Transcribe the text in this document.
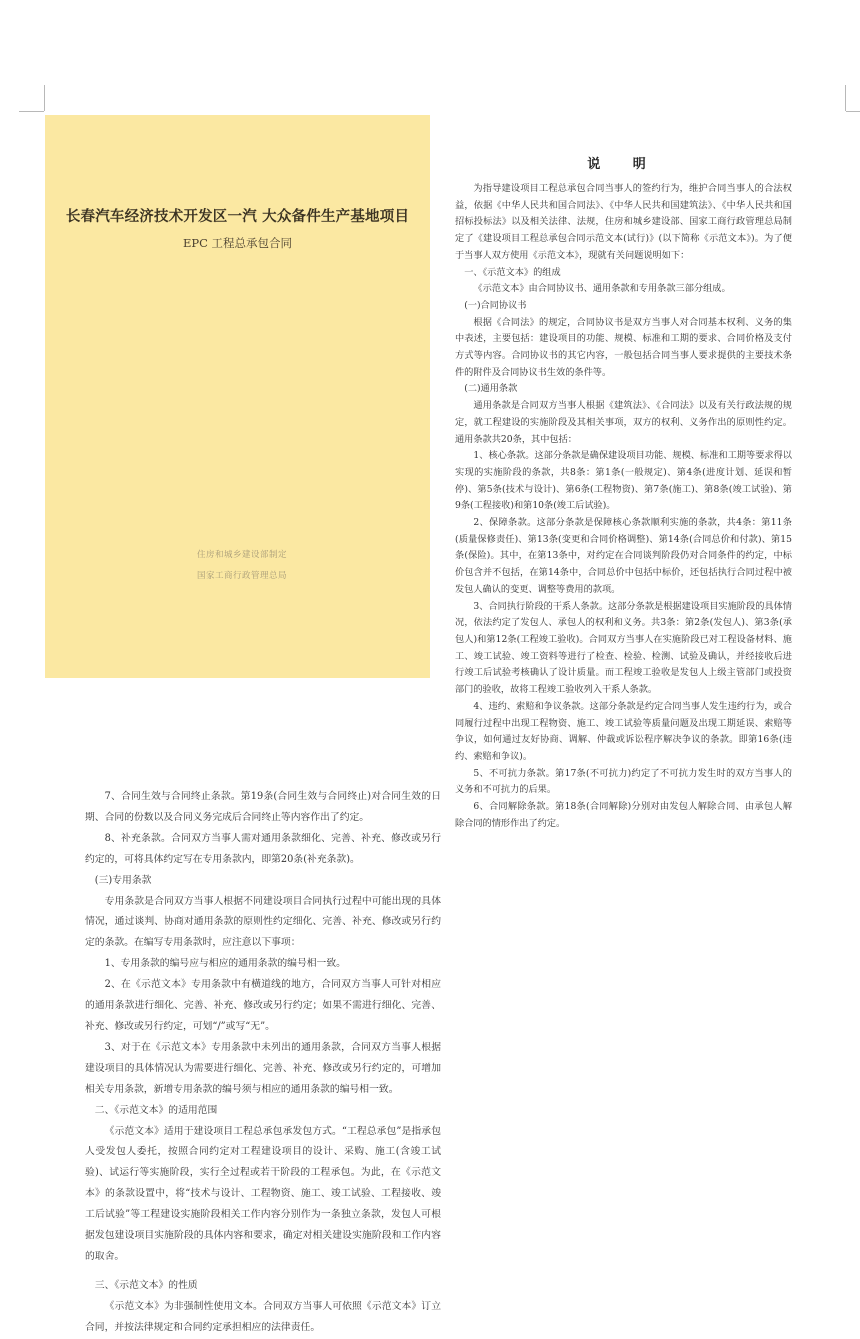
长春汽车经济技术开发区一汽 大众备件生产基地项目
EPC 工程总承包合同
住房和城乡建设部制定
国家工商行政管理总局
说 明
为指导建设项目工程总承包合同当事人的签约行为，维护合同当事人的合法权益，依据《中华人民共和国合同法》、《中华人民共和国建筑法》、《中华人民共和国招标投标法》以及相关法律、法规，住房和城乡建设部、国家工商行政管理总局制定了《建设项目工程总承包合同示范文本(试行)》(以下简称《示范文本》)。为了便于当事人双方使用《示范文本》，现就有关问题说明如下：
一、《示范文本》的组成
《示范文本》由合同协议书、通用条款和专用条款三部分组成。
(一)合同协议书
根据《合同法》的规定，合同协议书是双方当事人对合同基本权利、义务的集中表述，主要包括：建设项目的功能、规模、标准和工期的要求、合同价格及支付方式等内容。合同协议书的其它内容，一般包括合同当事人要求提供的主要技术条件的附件及合同协议书生效的条件等。
(二)通用条款
通用条款是合同双方当事人根据《建筑法》、《合同法》以及有关行政法规的规定，就工程建设的实施阶段及其相关事项，双方的权利、义务作出的原则性约定。通用条款共20条，其中包括：
1、核心条款。这部分条款是确保建设项目功能、规模、标准和工期等要求得以实现的实施阶段的条款，共8条：第1条(一般规定)、第4条(进度计划、延误和暂停)、第5条(技术与设计)、第6条(工程物资)、第7条(施工)、第8条(竣工试验)、第9条(工程接收)和第10条(竣工后试验)。
2、保障条款。这部分条款是保障核心条款顺利实施的条款，共4条：第11条(质量保修责任)、第13条(变更和合同价格调整)、第14条(合同总价和付款)、第15条(保险)。其中，在第13条中，对约定在合同谈判阶段仍对合同条件的约定，中标价包含并不包括，在第14条中，合同总价中包括中标价，还包括执行合同过程中被发包人确认的变更、调整等费用的款项。
3、合同执行阶段的干系人条款。这部分条款是根据建设项目实施阶段的具体情况，依法约定了发包人、承包人的权利和义务。共3条：第2条(发包人)、第3条(承包人)和第12条(工程竣工验收)。合同双方当事人在实施阶段已对工程设备材料、施工、竣工试验、竣工资料等进行了检查、检验、检测、试验及确认，并经接收后进行竣工后试验考核确认了设计质量。而工程竣工验收是发包人上级主管部门或投资部门的验收，故将工程竣工验收列入干系人条款。
4、违约、索赔和争议条款。这部分条款是约定合同当事人发生违约行为，或合同履行过程中出现工程物资、施工、竣工试验等质量问题及出现工期延误、索赔等争议，如何通过友好协商、调解、仲裁或诉讼程序解决争议的条款。即第16条(违约、索赔和争议)。
5、不可抗力条款。第17条(不可抗力)约定了不可抗力发生时的双方当事人的义务和不可抗力的后果。
6、合同解除条款。第18条(合同解除)分别对由发包人解除合同、由承包人解除合同的情形作出了约定。
7、合同生效与合同终止条款。第19条(合同生效与合同终止)对合同生效的日期、合同的份数以及合同义务完成后合同终止等内容作出了约定。
8、补充条款。合同双方当事人需对通用条款细化、完善、补充、修改或另行约定的，可将具体约定写在专用条款内，即第20条(补充条款)。
(三)专用条款
专用条款是合同双方当事人根据不同建设项目合同执行过程中可能出现的具体情况，通过谈判、协商对通用条款的原则性约定细化、完善、补充、修改或另行约定的条款。在编写专用条款时，应注意以下事项：
1、专用条款的编号应与相应的通用条款的编号相一致。
2、在《示范文本》专用条款中有横道线的地方，合同双方当事人可针对相应的通用条款进行细化、完善、补充、修改或另行约定；如果不需进行细化、完善、补充、修改或另行约定，可划“/”或写“无”。
3、对于在《示范文本》专用条款中未列出的通用条款，合同双方当事人根据建设项目的具体情况认为需要进行细化、完善、补充、修改或另行约定的，可增加相关专用条款，新增专用条款的编号须与相应的通用条款的编号相一致。
二、《示范文本》的适用范围
《示范文本》适用于建设项目工程总承包承发包方式。“工程总承包”是指承包人受发包人委托，按照合同约定对工程建设项目的设计、采购、施工(含竣工试验)、试运行等实施阶段，实行全过程或若干阶段的工程承包。为此，在《示范文本》的条款设置中，将“技术与设计、工程物资、施工、竣工试验、工程接收、竣工后试验”等工程建设实施阶段相关工作内容分别作为一条独立条款，发包人可根据发包建设项目实施阶段的具体内容和要求，确定对相关建设实施阶段和工作内容的取舍。
三、《示范文本》的性质
《示范文本》为非强制性使用文本。合同双方当事人可依照《示范文本》订立合同，并按法律规定和合同约定承担相应的法律责任。
